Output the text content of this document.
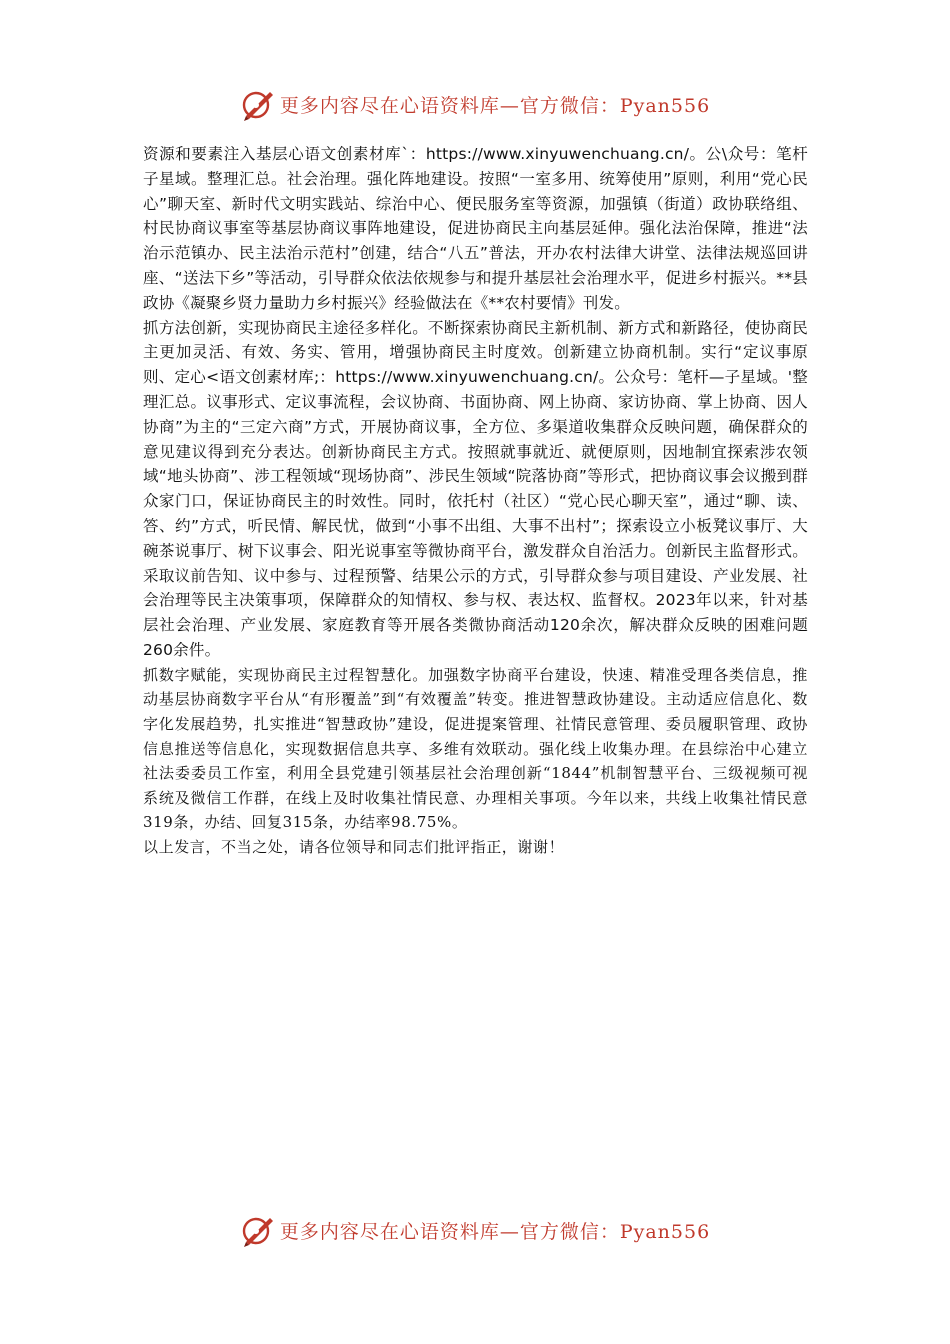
更多内容尽在心语资料库—官方微信：Pyan556

资源和要素注入基层心语文创素材库`：https://www.xinyuwenchuang.cn/。公\众号：笔杆子星域。整理汇总。社会治理。强化阵地建设。按照“一室多用、统筹使用”原则，利用“党心民心”聊天室、新时代文明实践站、综治中心、便民服务室等资源，加强镇（街道）政协联络组、村民协商议事室等基层协商议事阵地建设，促进协商民主向基层延伸。强化法治保障，推进“法治示范镇办、民主法治示范村”创建，结合“八五”普法，开办农村法律大讲堂、法律法规巡回讲座、“送法下乡”等活动，引导群众依法依规参与和提升基层社会治理水平，促进乡村振兴。**县政协《凝聚乡贤力量助力乡村振兴》经验做法在《**农村要情》刊发。

抓方法创新，实现协商民主途径多样化。不断探索协商民主新机制、新方式和新路径，使协商民主更加灵活、有效、务实、管用，增强协商民主时度效。创新建立协商机制。实行“定议事原则、定心<语文创素材库;：https://www.xinyuwenchuang.cn/。公众号：笔杆—子星域。'整理汇总。议事形式、定议事流程，会议协商、书面协商、网上协商、家访协商、掌上协商、因人协商”为主的“三定六商”方式，开展协商议事，全方位、多渠道收集群众反映问题，确保群众的意见建议得到充分表达。创新协商民主方式。按照就事就近、就便原则，因地制宜探索涉农领域“地头协商”、涉工程领域“现场协商”、涉民生领域“院落协商”等形式，把协商议事会议搬到群众家门口，保证协商民主的时效性。同时，依托村（社区）“党心民心聊天室”，通过“聊、读、答、约”方式，听民情、解民忧，做到“小事不出组、大事不出村”；探索设立小板凳议事厅、大碗茶说事厅、树下议事会、阳光说事室等微协商平台，激发群众自治活力。创新民主监督形式。采取议前告知、议中参与、过程预警、结果公示的方式，引导群众参与项目建设、产业发展、社会治理等民主决策事项，保障群众的知情权、参与权、表达权、监督权。2023年以来，针对基层社会治理、产业发展、家庭教育等开展各类微协商活动120余次，解决群众反映的困难问题260余件。

抓数字赋能，实现协商民主过程智慧化。加强数字协商平台建设，快速、精准受理各类信息，推动基层协商数字平台从“有形覆盖”到“有效覆盖”转变。推进智慧政协建设。主动适应信息化、数字化发展趋势，扎实推进“智慧政协”建设，促进提案管理、社情民意管理、委员履职管理、政协信息推送等信息化，实现数据信息共享、多维有效联动。强化线上收集办理。在县综治中心建立社法委委员工作室，利用全县党建引领基层社会治理创新“1844”机制智慧平台、三级视频可视系统及微信工作群，在线上及时收集社情民意、办理相关事项。今年以来，共线上收集社情民意319条，办结、回复315条，办结率98.75%。

以上发言，不当之处，请各位领导和同志们批评指正，谢谢！

更多内容尽在心语资料库—官方微信：Pyan556
